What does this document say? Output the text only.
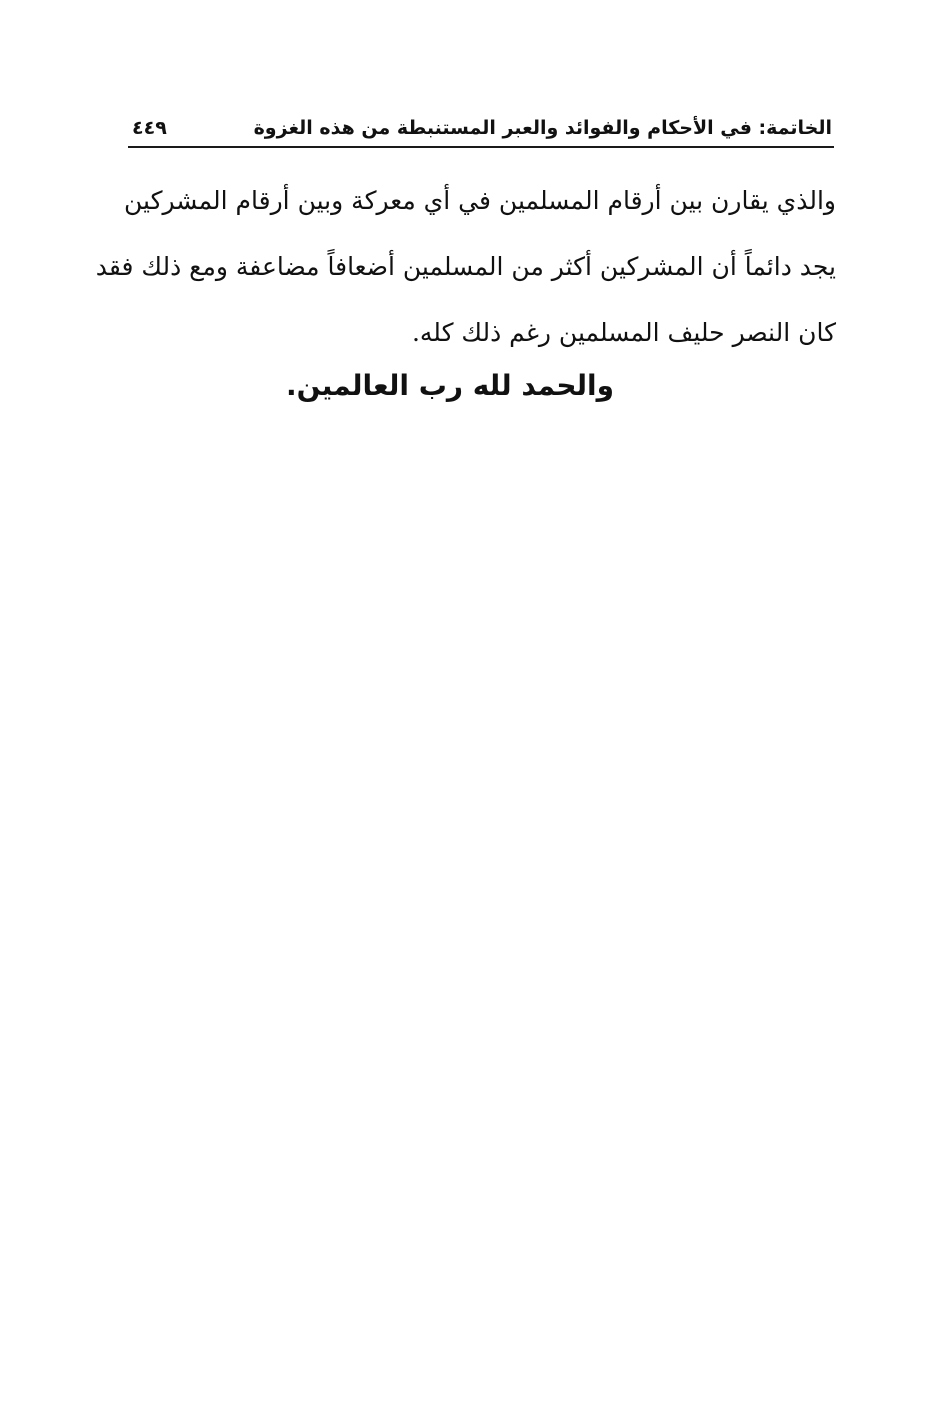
الخاتمة: في الأحكام والفوائد والعبر المستنبطة من هذه الغزوة
٤٤٩
والذي يقارن بين أرقام المسلمين في أي معركة وبين أرقام المشركين
يجد دائماً أن المشركين أكثر من المسلمين أضعافاً مضاعفة ومع ذلك فقد
كان النصر حليف المسلمين رغم ذلك كله.
والحمد لله رب العالمين.
